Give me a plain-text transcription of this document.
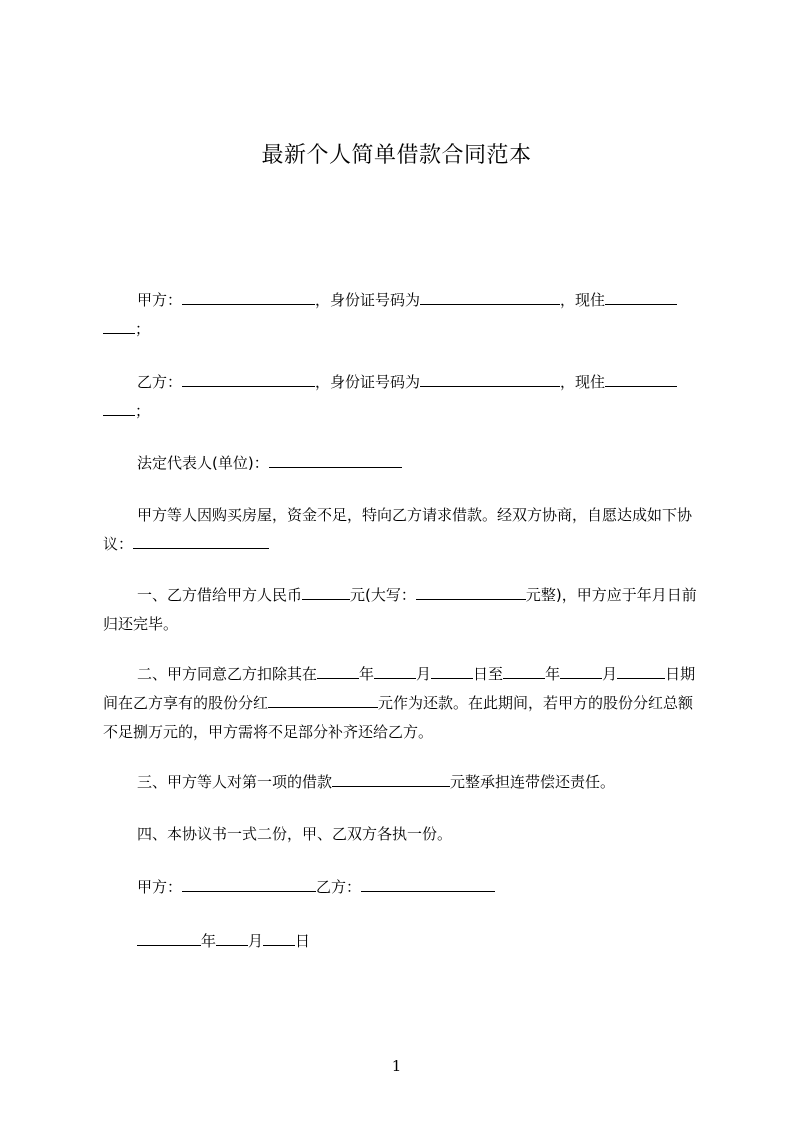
最新个人简单借款合同范本
甲方：	，身份证号码为	，现住；
乙方：	，身份证号码为	，现住；
法定代表人(单位)：
甲方等人因购买房屋，资金不足，特向乙方请求借款。经双方协商，自愿达成如下协议：
一、乙方借给甲方人民币	元(大写：	元整)，甲方应于年月日前归还完毕。
二、甲方同意乙方扣除其在	年	月	日至	年	月	日期间在乙方享有的股份分红	元作为还款。在此期间，若甲方的股份分红总额不足捌万元的，甲方需将不足部分补齐还给乙方。
三、甲方等人对第一项的借款	元整承担连带偿还责任。
四、本协议书一式二份，甲、乙双方各执一份。
甲方：	乙方：
年 月 日
1
